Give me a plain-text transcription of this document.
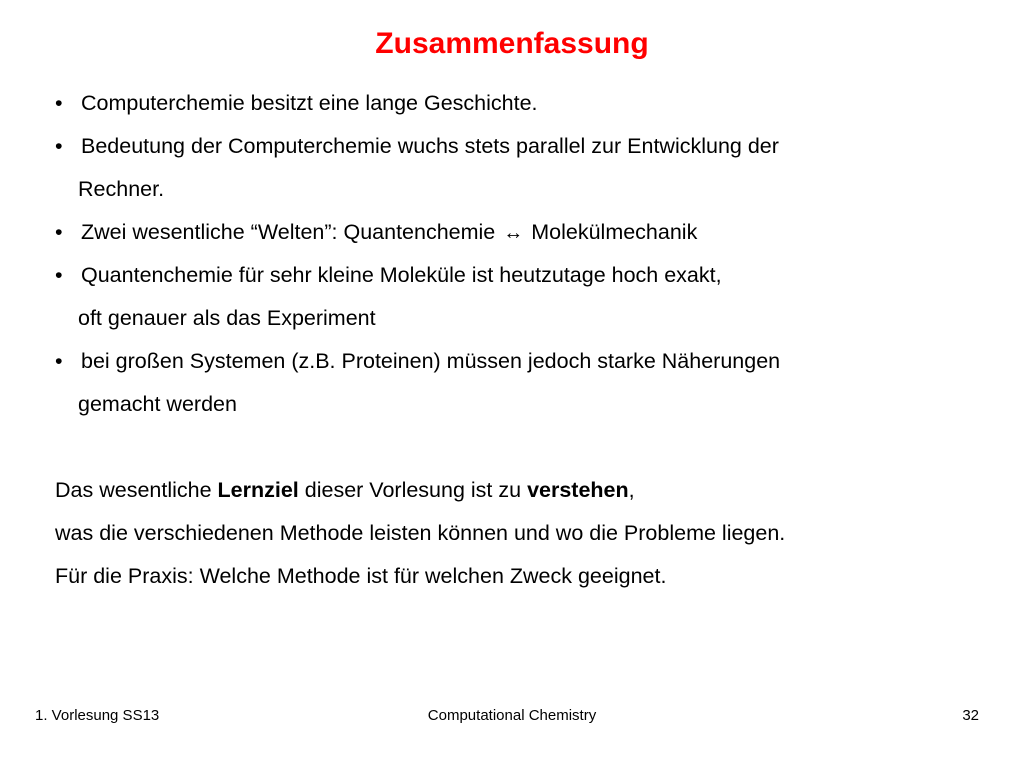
Zusammenfassung
•Computerchemie besitzt eine lange Geschichte.
•Bedeutung der Computerchemie wuchs stets parallel zur Entwicklung der
Rechner.
•Zwei wesentliche “Welten”: Quantenchemie ↔ Molekülmechanik
•Quantenchemie für sehr kleine Moleküle ist heutzutage hoch exakt,
oft genauer als das Experiment
•bei großen Systemen (z.B. Proteinen) müssen jedoch starke Näherungen
gemacht werden
Das wesentliche Lernziel dieser Vorlesung ist zu verstehen,
was die verschiedenen Methode leisten können und wo die Probleme liegen.
Für die Praxis: Welche Methode ist für welchen Zweck geeignet.
1. Vorlesung SS13	Computational Chemistry	32
